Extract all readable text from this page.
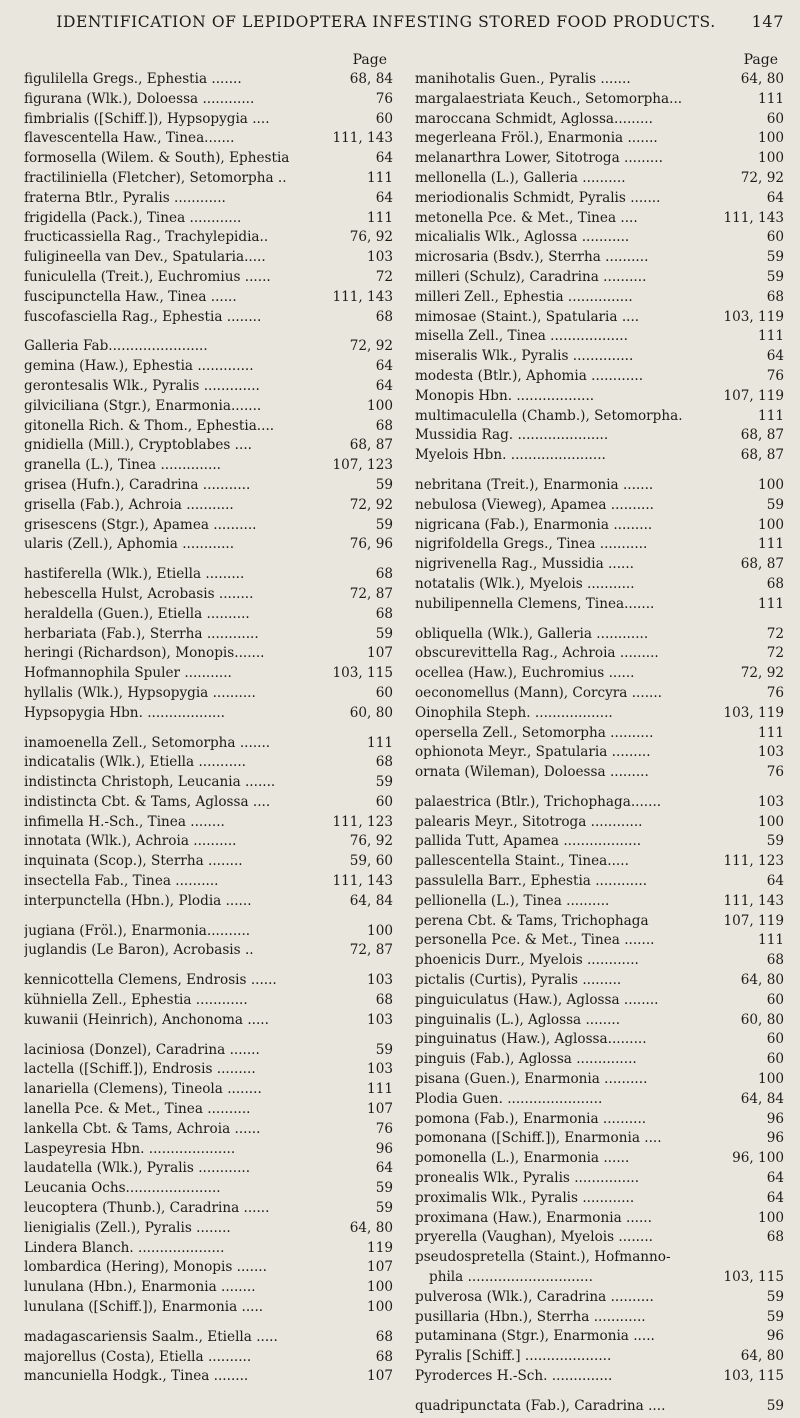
IDENTIFICATION OF LEPIDOPTERA INFESTING STORED FOOD PRODUCTS.	147
Page
figulilella Gregs., Ephestia .......	68, 84
figurana (Wlk.), Doloessa ............	76
fimbrialis ([Schiff.]), Hypsopygia ....	60
flavescentella Haw., Tinea.......	111, 143
formosella (Wilem. & South), Ephestia	64
fractiliniella (Fletcher), Setomorpha ..	111
fraterna Btlr., Pyralis ............	64
frigidella (Pack.), Tinea ............	111
fructicassiella Rag., Trachylepidia..	76, 92
fuligineella van Dev., Spatularia.....	103
funiculella (Treit.), Euchromius ......	72
fuscipunctella Haw., Tinea ......	111, 143
fuscofasciella Rag., Ephestia ........	68
Galleria Fab.......................	72, 92
gemina (Haw.), Ephestia .............	64
gerontesalis Wlk., Pyralis .............	64
gilviciliana (Stgr.), Enarmonia.......	100
gitonella Rich. & Thom., Ephestia....	68
gnidiella (Mill.), Cryptoblabes ....	68, 87
granella (L.), Tinea ..............	107, 123
grisea (Hufn.), Caradrina ...........	59
grisella (Fab.), Achroia ...........	72, 92
grisescens (Stgr.), Apamea ..........	59
ularis (Zell.), Aphomia ............	76, 96
hastiferella (Wlk.), Etiella .........	68
hebescella Hulst, Acrobasis ........	72, 87
heraldella (Guen.), Etiella ..........	68
herbariata (Fab.), Sterrha ............	59
heringi (Richardson), Monopis.......	107
Hofmannophila Spuler ...........	103, 115
hyllalis (Wlk.), Hypsopygia ..........	60
Hypsopygia Hbn. ..................	60, 80
inamoenella Zell., Setomorpha .......	111
indicatalis (Wlk.), Etiella ...........	68
indistincta Christoph, Leucania .......	59
indistincta Cbt. & Tams, Aglossa ....	60
infimella H.-Sch., Tinea ........	111, 123
innotata (Wlk.), Achroia ..........	76, 92
inquinata (Scop.), Sterrha ........	59, 60
insectella Fab., Tinea ..........	111, 143
interpunctella (Hbn.), Plodia ......	64, 84
jugiana (Fröl.), Enarmonia..........	100
juglandis (Le Baron), Acrobasis ..	72, 87
kennicottella Clemens, Endrosis ......	103
kühniella Zell., Ephestia ............	68
kuwanii (Heinrich), Anchonoma .....	103
laciniosa (Donzel), Caradrina .......	59
lactella ([Schiff.]), Endrosis .........	103
lanariella (Clemens), Tineola ........	111
lanella Pce. & Met., Tinea ..........	107
lankella Cbt. & Tams, Achroia ......	76
Laspeyresia Hbn. ....................	96
laudatella (Wlk.), Pyralis ............	64
Leucania Ochs......................	59
leucoptera (Thunb.), Caradrina ......	59
lienigialis (Zell.), Pyralis ........	64, 80
Lindera Blanch. ....................	119
lombardica (Hering), Monopis .......	107
lunulana (Hbn.), Enarmonia ........	100
lunulana ([Schiff.]), Enarmonia .....	100
madagascariensis Saalm., Etiella .....	68
majorellus (Costa), Etiella ..........	68
mancuniella Hodgk., Tinea ........	107
Page
manihotalis Guen., Pyralis .......	64, 80
margalaestriata Keuch., Setomorpha...	111
maroccana Schmidt, Aglossa.........	60
megerleana Fröl.), Enarmonia .......	100
melanarthra Lower, Sitotroga .........	100
mellonella (L.), Galleria ..........	72, 92
meriodionalis Schmidt, Pyralis .......	64
metonella Pce. & Met., Tinea ....	111, 143
micalialis Wlk., Aglossa ...........	60
microsaria (Bsdv.), Sterrha ..........	59
milleri (Schulz), Caradrina ..........	59
milleri Zell., Ephestia ...............	68
mimosae (Staint.), Spatularia ....	103, 119
misella Zell., Tinea ..................	111
miseralis Wlk., Pyralis ..............	64
modesta (Btlr.), Aphomia ............	76
Monopis Hbn. ..................	107, 119
multimaculella (Chamb.), Setomorpha.	111
Mussidia Rag. .....................	68, 87
Myelois Hbn. ......................	68, 87
nebritana (Treit.), Enarmonia .......	100
nebulosa (Vieweg), Apamea ..........	59
nigricana (Fab.), Enarmonia .........	100
nigrifoldella Gregs., Tinea ...........	111
nigrivenella Rag., Mussidia ......	68, 87
notatalis (Wlk.), Myelois ...........	68
nubilipennella Clemens, Tinea.......	111
obliquella (Wlk.), Galleria ............	72
obscurevittella Rag., Achroia .........	72
ocellea (Haw.), Euchromius ......	72, 92
oeconomellus (Mann), Corcyra .......	76
Oinophila Steph. ..................	103, 119
opersella Zell., Setomorpha ..........	111
ophionota Meyr., Spatularia .........	103
ornata (Wileman), Doloessa .........	76
palaestrica (Btlr.), Trichophaga.......	103
palearis Meyr., Sitotroga ............	100
pallida Tutt, Apamea ..................	59
pallescentella Staint., Tinea.....	111, 123
passulella Barr., Ephestia ............	64
pellionella (L.), Tinea ..........	111, 143
perena Cbt. & Tams, Trichophaga	107, 119
personella Pce. & Met., Tinea .......	111
phoenicis Durr., Myelois ............	68
pictalis (Curtis), Pyralis .........	64, 80
pinguiculatus (Haw.), Aglossa ........	60
pinguinalis (L.), Aglossa ........	60, 80
pinguinatus (Haw.), Aglossa.........	60
pinguis (Fab.), Aglossa ..............	60
pisana (Guen.), Enarmonia ..........	100
Plodia Guen. ......................	64, 84
pomona (Fab.), Enarmonia ..........	96
pomonana ([Schiff.]), Enarmonia ....	96
pomonella (L.), Enarmonia ......	96, 100
pronealis Wlk., Pyralis ...............	64
proximalis Wlk., Pyralis ............	64
proximana (Haw.), Enarmonia ......	100
pryerella (Vaughan), Myelois ........	68
pseudospretella (Staint.), Hofmanno-
phila .............................	103, 115
pulverosa (Wlk.), Caradrina ..........	59
pusillaria (Hbn.), Sterrha ............	59
putaminana (Stgr.), Enarmonia .....	96
Pyralis [Schiff.] ....................	64, 80
Pyroderces H.-Sch. ..............	103, 115
quadripunctata (Fab.), Caradrina ....	59
